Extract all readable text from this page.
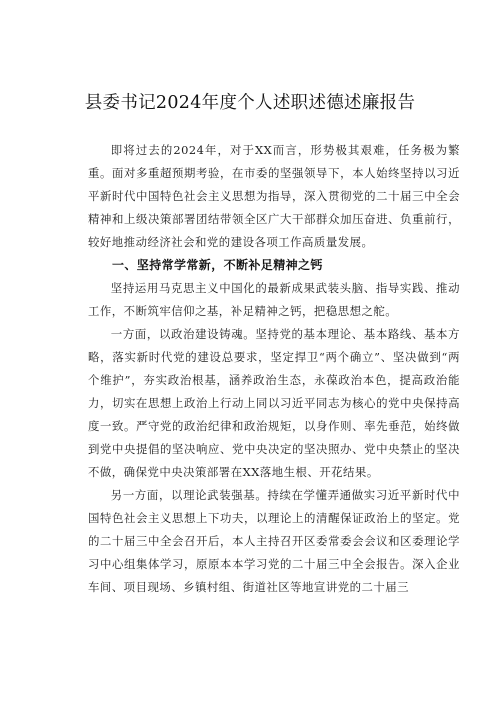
县委书记2024年度个人述职述德述廉报告

即将过去的2024年，对于XX而言，形势极其艰难，任务极为繁重。面对多重超预期考验，在市委的坚强领导下，本人始终坚持以习近平新时代中国特色社会主义思想为指导，深入贯彻党的二十届三中全会精神和上级决策部署团结带领全区广大干部群众加压奋进、负重前行，较好地推动经济社会和党的建设各项工作高质量发展。

一、坚持常学常新，不断补足精神之钙

坚持运用马克思主义中国化的最新成果武装头脑、指导实践、推动工作，不断筑牢信仰之基，补足精神之钙，把稳思想之舵。

一方面，以政治建设铸魂。坚持党的基本理论、基本路线、基本方略，落实新时代党的建设总要求，坚定捍卫“两个确立”、坚决做到“两个维护”，夯实政治根基，涵养政治生态，永葆政治本色，提高政治能力，切实在思想上政治上行动上同以习近平同志为核心的党中央保持高度一致。严守党的政治纪律和政治规矩，以身作则、率先垂范，始终做到党中央提倡的坚决响应、党中央决定的坚决照办、党中央禁止的坚决不做，确保党中央决策部署在XX落地生根、开花结果。

另一方面，以理论武装强基。持续在学懂弄通做实习近平新时代中国特色社会主义思想上下功夫，以理论上的清醒保证政治上的坚定。党的二十届三中全会召开后，本人主持召开区委常委会会议和区委理论学习中心组集体学习，原原本本学习党的二十届三中全会报告。深入企业车间、项目现场、乡镇村组、街道社区等地宣讲党的二十届三
